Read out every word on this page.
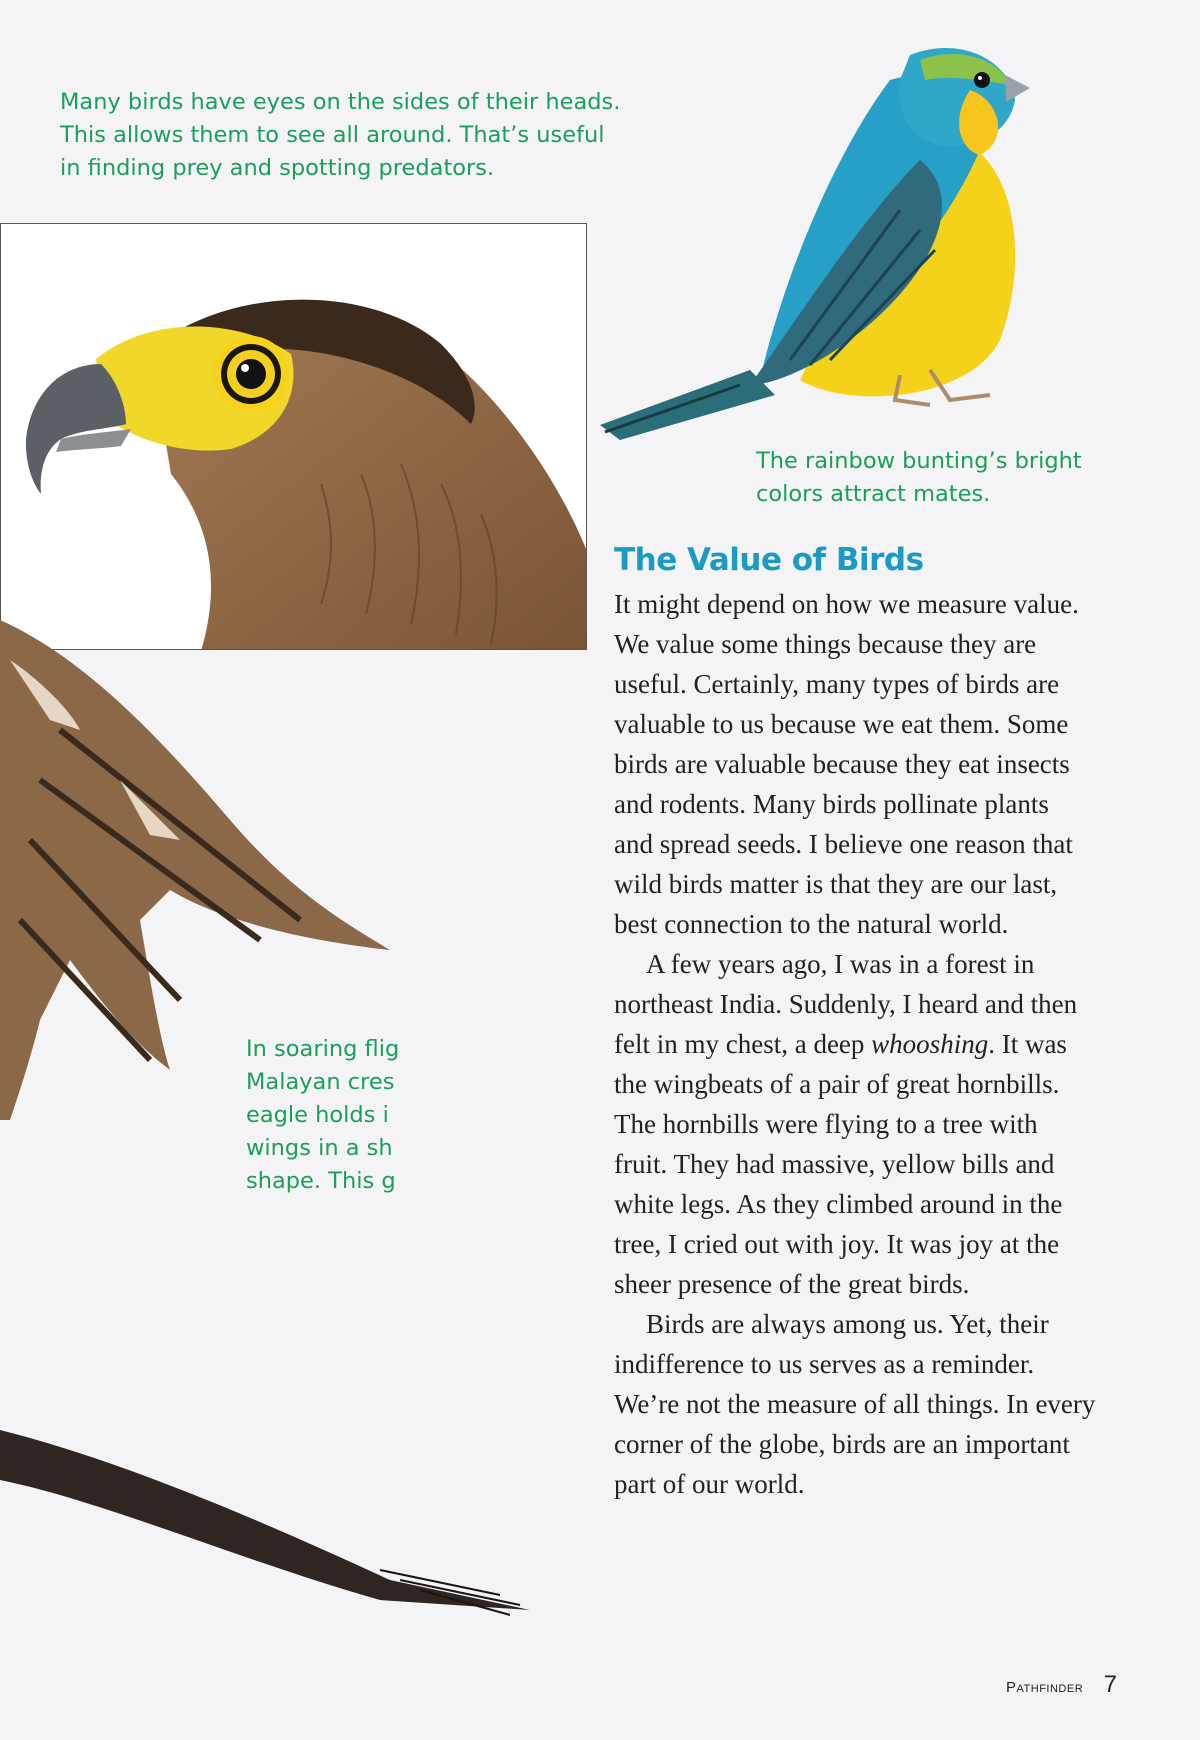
Many birds have eyes on the sides of their heads.
This allows them to see all around. That’s useful
in finding prey and spotting predators.

The rainbow bunting’s bright
colors attract mates.

In soaring flig
Malayan cres
eagle holds i
wings in a sh
shape. This g

The Value of Birds
It might depend on how we measure value.
We value some things because they are
useful. Certainly, many types of birds are
valuable to us because we eat them. Some
birds are valuable because they eat insects
and rodents. Many birds pollinate plants
and spread seeds. I believe one reason that
wild birds matter is that they are our last,
best connection to the natural world.
A few years ago, I was in a forest in
northeast India. Suddenly, I heard and then
felt in my chest, a deep whooshing. It was
the wingbeats of a pair of great hornbills.
The hornbills were flying to a tree with
fruit. They had massive, yellow bills and
white legs. As they climbed around in the
tree, I cried out with joy. It was joy at the
sheer presence of the great birds.
Birds are always among us. Yet, their
indifference to us serves as a reminder.
We’re not the measure of all things. In every
corner of the globe, birds are an important
part of our world.
Pathfinder 7
